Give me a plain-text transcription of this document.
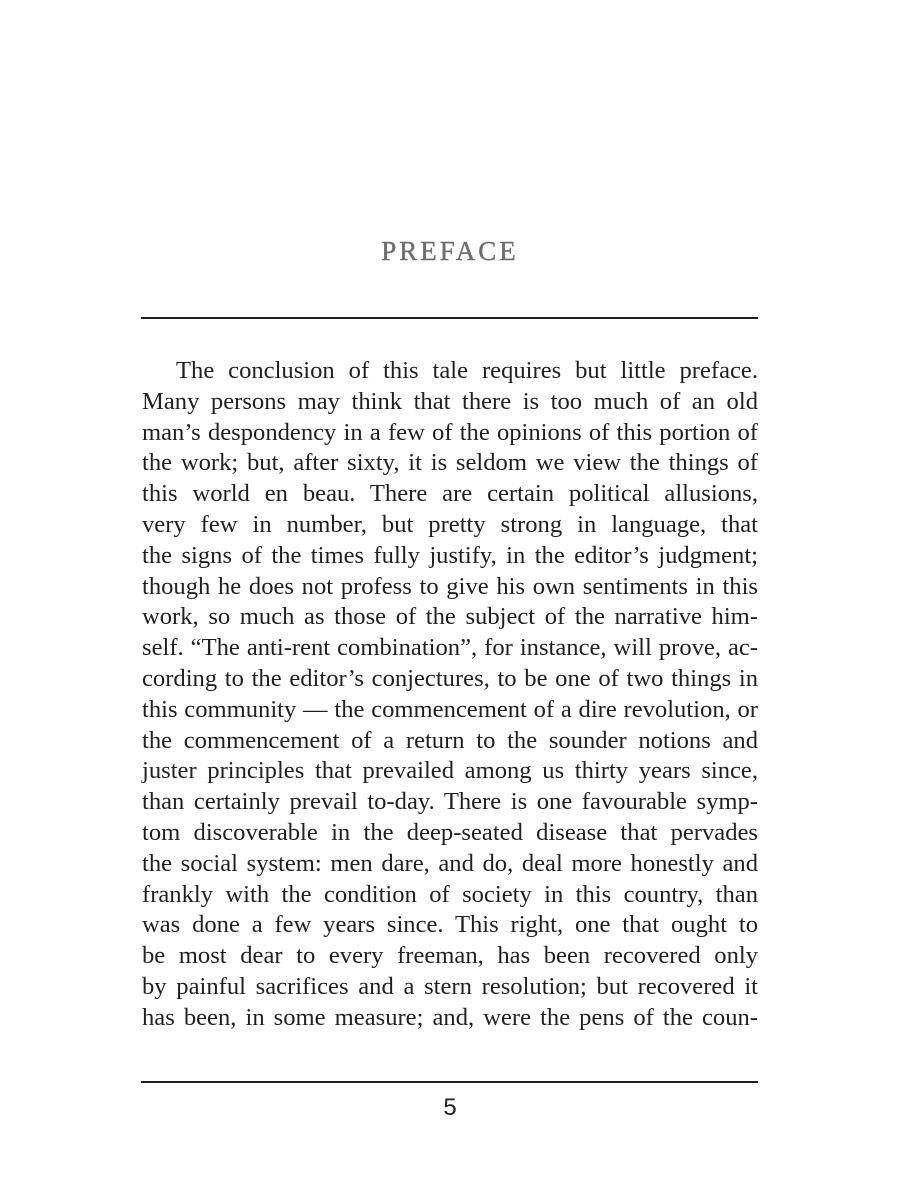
PREFACE
The conclusion of this tale requires but little preface.
Many persons may think that there is too much of an old
man’s despondency in a few of the opinions of this portion of
the work; but, after sixty, it is seldom we view the things of
this world en beau. There are certain political allusions,
very few in number, but pretty strong in language, that
the signs of the times fully justify, in the editor’s judgment;
though he does not profess to give his own sentiments in this
work, so much as those of the subject of the narrative him-
self. “The anti-rent combination”, for instance, will prove, ac-
cording to the editor’s conjectures, to be one of two things in
this community — the commencement of a dire revolution, or
the commencement of a return to the sounder notions and
juster principles that prevailed among us thirty years since,
than certainly prevail to-day. There is one favourable symp-
tom discoverable in the deep-seated disease that pervades
the social system: men dare, and do, deal more honestly and
frankly with the condition of society in this country, than
was done a few years since. This right, one that ought to
be most dear to every freeman, has been recovered only
by painful sacrifices and a stern resolution; but recovered it
has been, in some measure; and, were the pens of the coun-
5
